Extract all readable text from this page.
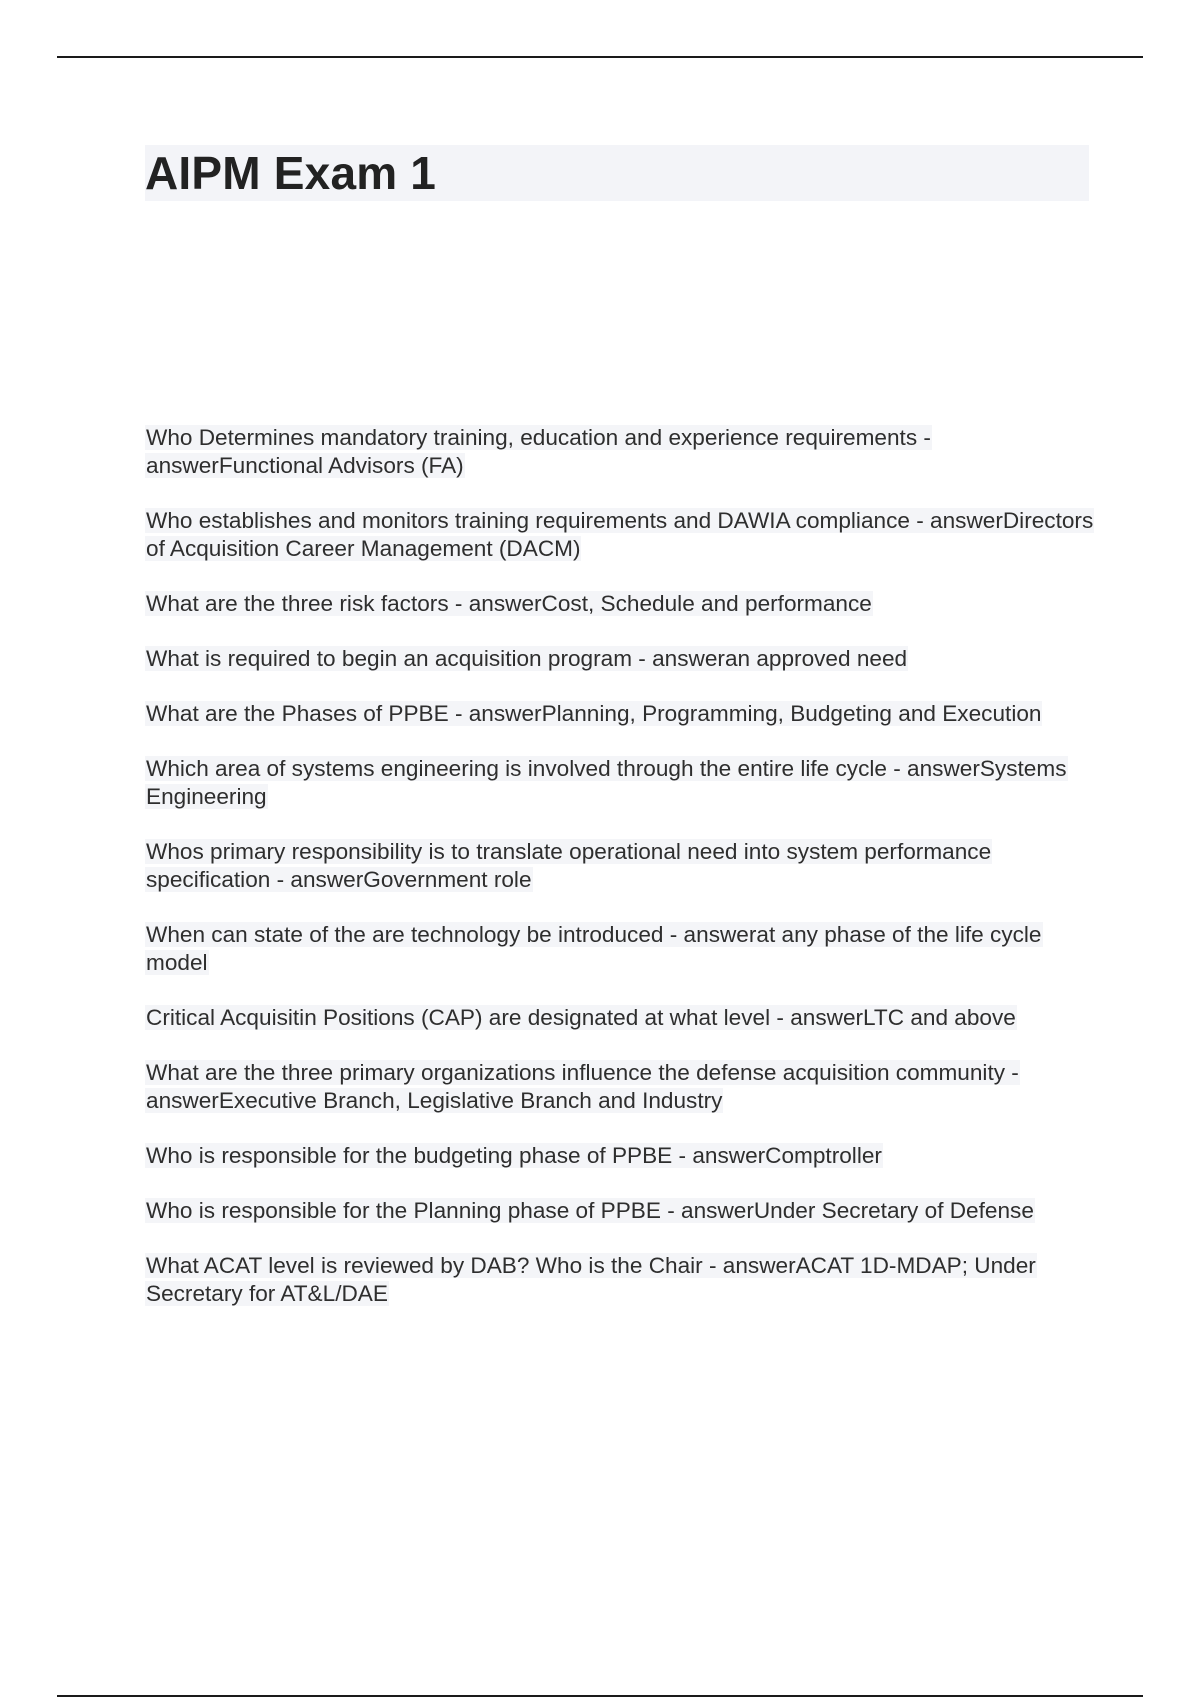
AIPM Exam 1
Who Determines mandatory training, education and experience requirements - answerFunctional Advisors (FA)
Who establishes and monitors training requirements and DAWIA compliance - answerDirectors of Acquisition Career Management (DACM)
What are the three risk factors - answerCost, Schedule and performance
What is required to begin an acquisition program - answeran approved need
What are the Phases of PPBE - answerPlanning, Programming, Budgeting and Execution
Which area of systems engineering is involved through the entire life cycle - answerSystems Engineering
Whos primary responsibility is to translate operational need into system performance specification - answerGovernment role
When can state of the are technology be introduced - answerat any phase of the life cycle model
Critical Acquisitin Positions (CAP) are designated at what level - answerLTC and above
What are the three primary organizations influence the defense acquisition community - answerExecutive Branch, Legislative Branch and Industry
Who is responsible for the budgeting phase of PPBE - answerComptroller
Who is responsible for the Planning phase of PPBE - answerUnder Secretary of Defense
What ACAT level is reviewed by DAB? Who is the Chair - answerACAT 1D-MDAP; Under Secretary for AT&L/DAE
